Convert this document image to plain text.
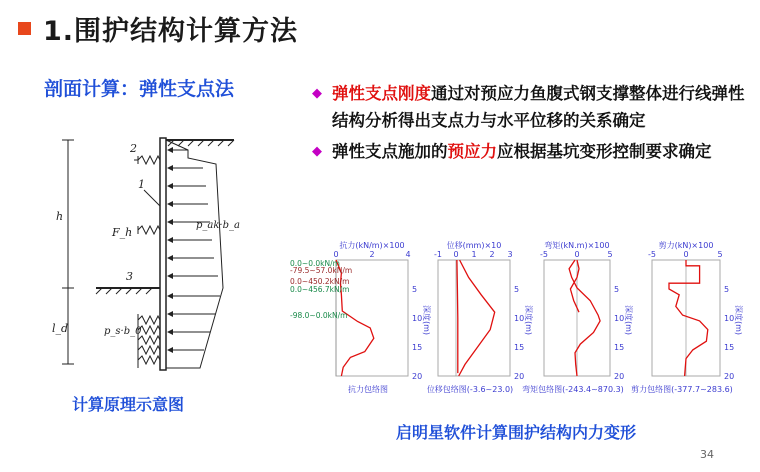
1.围护结构计算方法
剖面计算：弹性支点法	◆ 弹性支点刚度通过对预应力鱼腹式钢支撑整体进行线弹性结构分析得出支点力与水平位移的关系确定
◆ 弹性支点施加的预应力应根据基坑变形控制要求确定
2
1
3
h
l_d
F_h
p_ak·b_a
p_s·b_0
计算原理示意图
抗力(kN/m)×100
0	2	4
5
10
15
20
深度(m)
抗力包络图
0.0~0.0kN/m
-79.5~57.0kN/m
0.0~450.2kN/m
0.0~456.7kN/m
-98.0~0.0kN/m
位移(mm)×10
-1 0 1 2 3
5
10
15
20
深度(m)
位移包络图(-3.6~23.0)
弯矩(kN.m)×100
-5	0	5
5
10
15
20
深度(m)
弯矩包络图(-243.4~870.3)
剪力(kN)×100
-5	0	5
5
10
15
20
深度(m)
剪力包络图(-377.7~283.6)
启明星软件计算围护结构内力变形
34
